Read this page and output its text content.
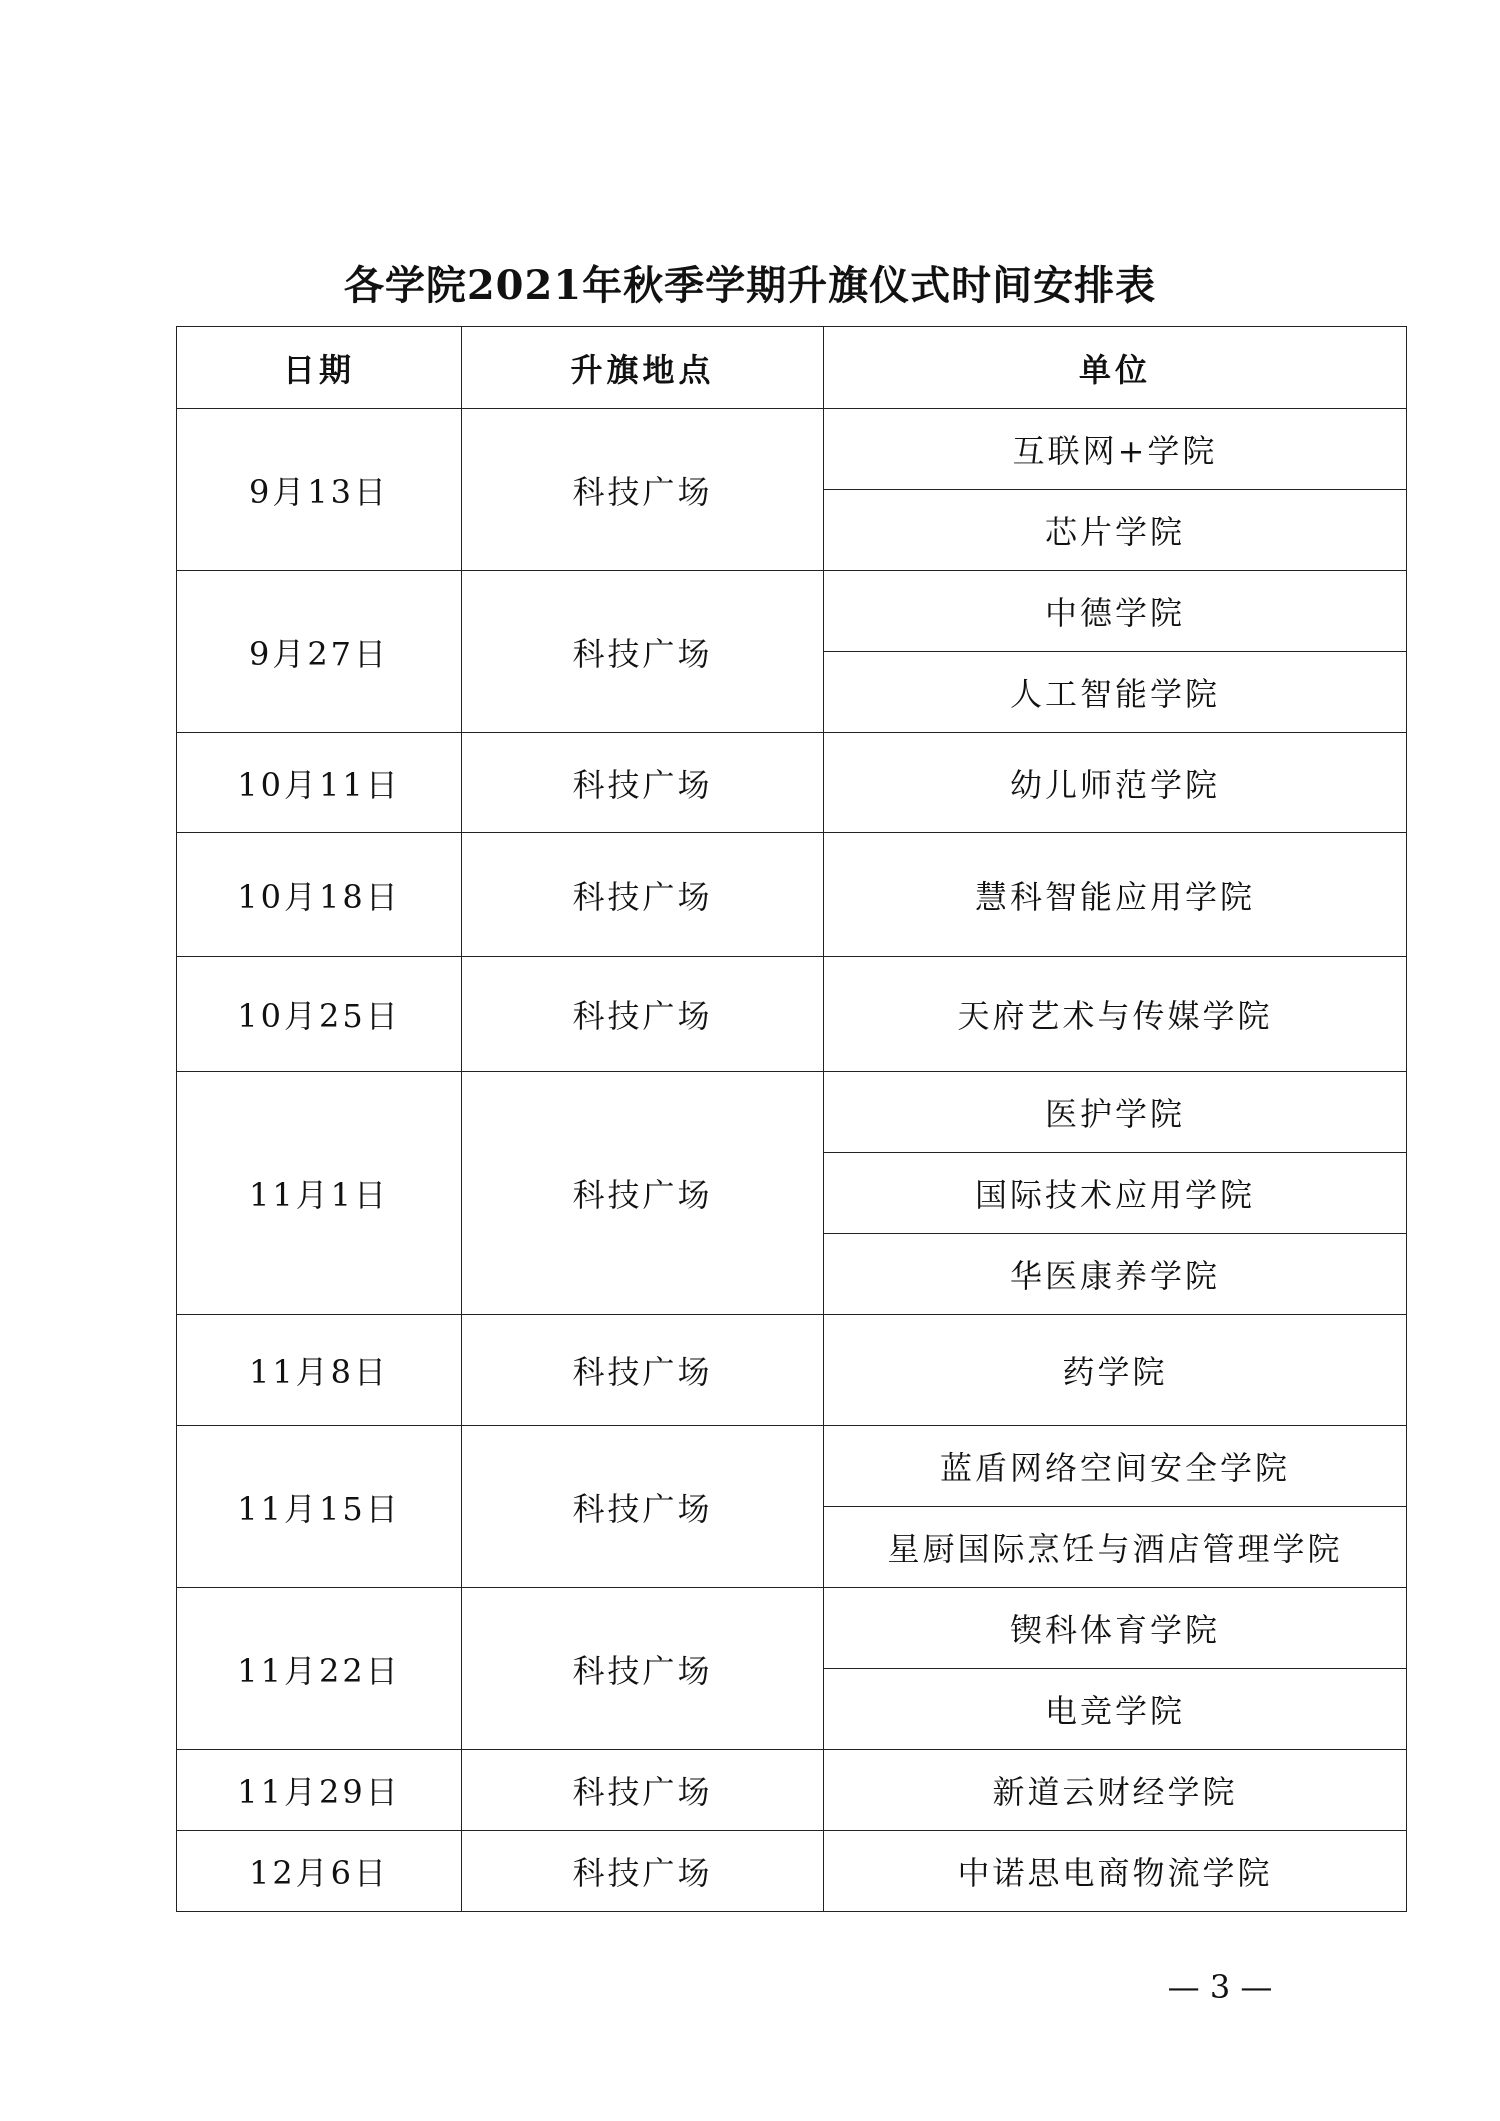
各学院2021年秋季学期升旗仪式时间安排表
日期	升旗地点	单位
9月13日	科技广场	互联网+学院
		芯片学院
9月27日	科技广场	中德学院
		人工智能学院
10月11日	科技广场	幼儿师范学院
10月18日	科技广场	慧科智能应用学院
10月25日	科技广场	天府艺术与传媒学院
11月1日	科技广场	医护学院
		国际技术应用学院
		华医康养学院
11月8日	科技广场	药学院
11月15日	科技广场	蓝盾网络空间安全学院
		星厨国际烹饪与酒店管理学院
11月22日	科技广场	锲科体育学院
		电竞学院
11月29日	科技广场	新道云财经学院
12月6日	科技广场	中诺思电商物流学院
— 3 —
